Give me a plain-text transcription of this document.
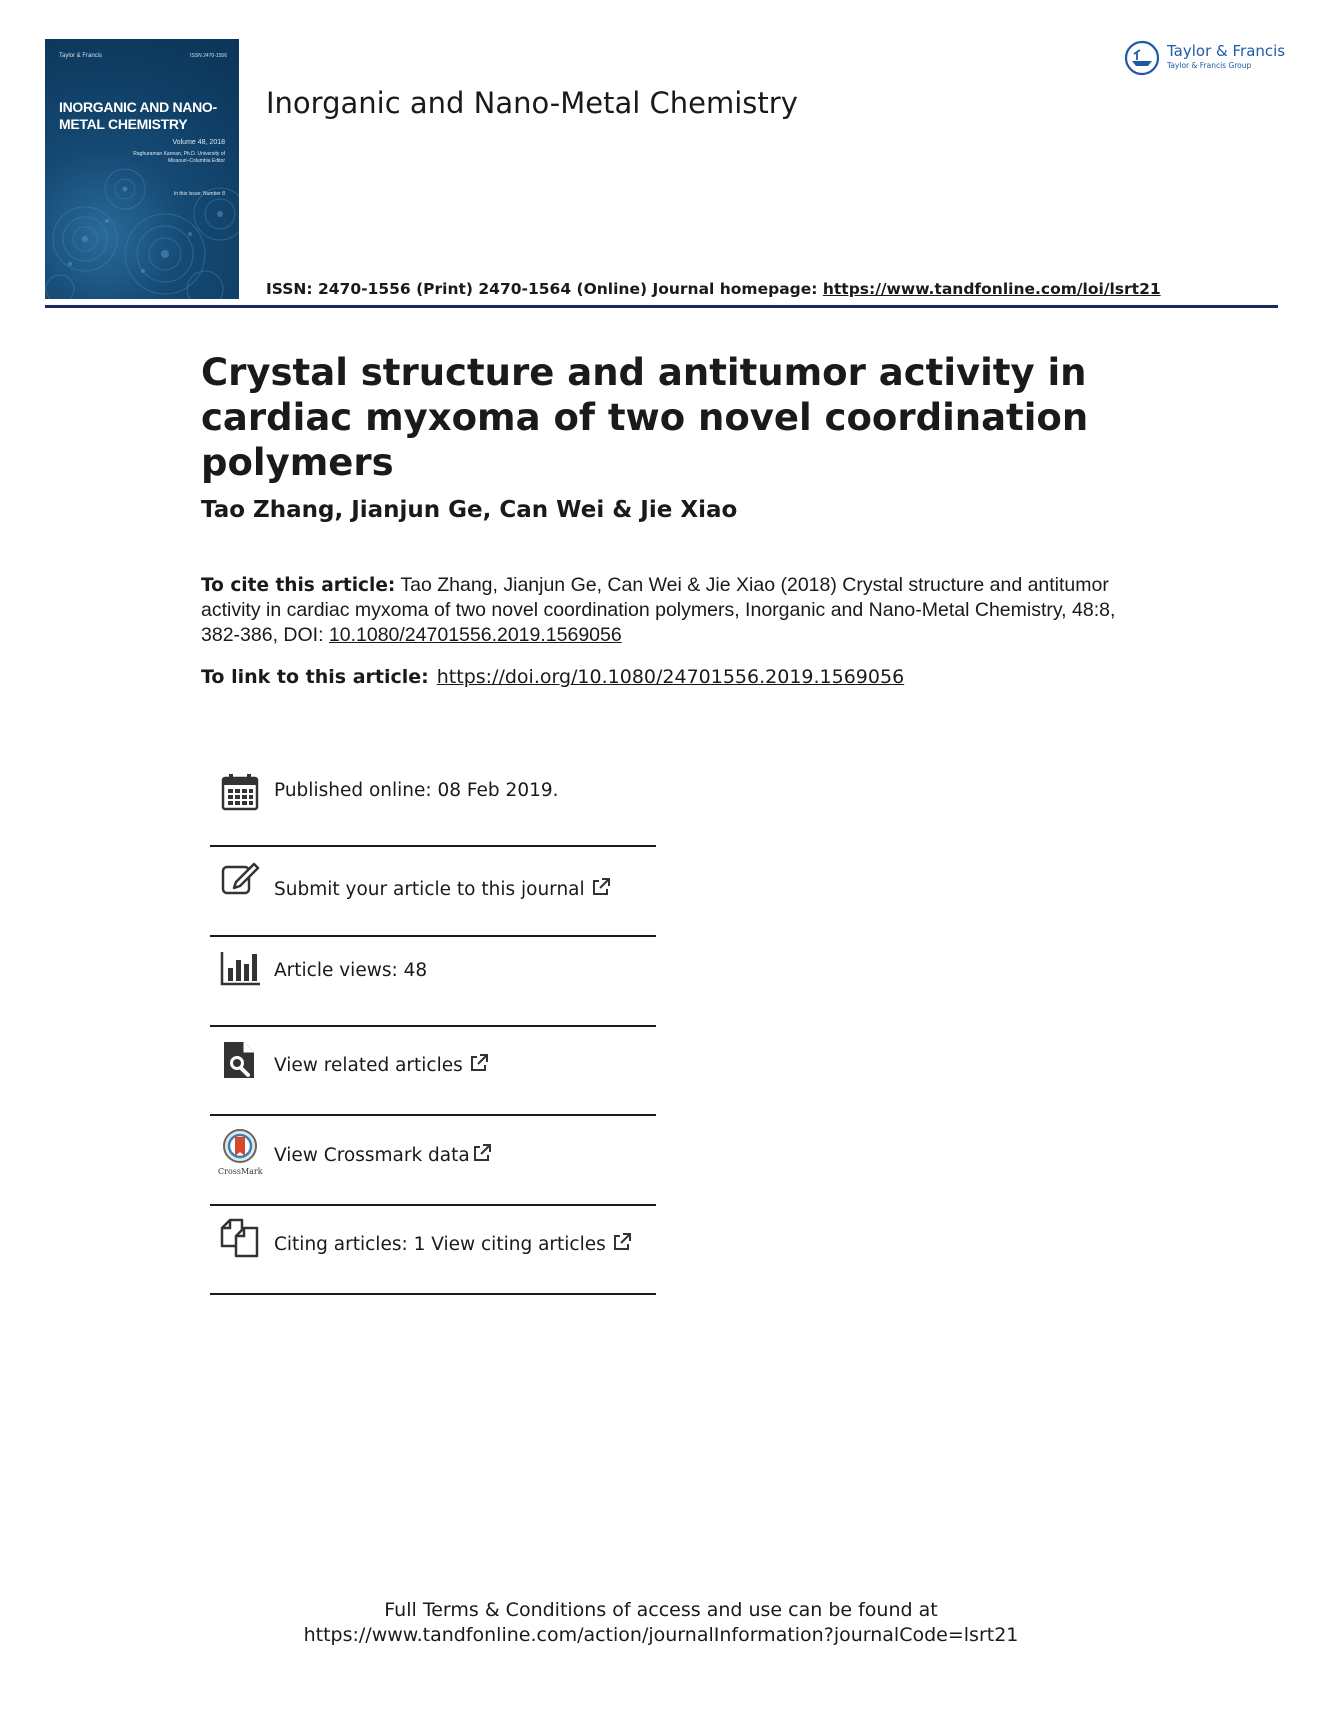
Taylor & Francis	ISSN 2470-1556
INORGANIC AND NANO-METAL CHEMISTRY
Volume 48, 2018
Raghuraman Kannan, Ph.D. University of Missouri–Columbia Editor
In this issue: Number 8
Inorganic and Nano-Metal Chemistry
Taylor & Francis
Taylor & Francis Group
ISSN: 2470-1556 (Print) 2470-1564 (Online) Journal homepage: https://www.tandfonline.com/loi/lsrt21
Crystal structure and antitumor activity in cardiac myxoma of two novel coordination polymers
Tao Zhang, Jianjun Ge, Can Wei & Jie Xiao
To cite this article: Tao Zhang, Jianjun Ge, Can Wei & Jie Xiao (2018) Crystal structure and antitumor activity in cardiac myxoma of two novel coordination polymers, Inorganic and Nano-Metal Chemistry, 48:8, 382-386, DOI: 10.1080/24701556.2019.1569056
To link to this article: https://doi.org/10.1080/24701556.2019.1569056
Published online: 08 Feb 2019.
Submit your article to this journal
Article views: 48
View related articles
CrossMark
View Crossmark data
Citing articles: 1 View citing articles
Full Terms & Conditions of access and use can be found at
https://www.tandfonline.com/action/journalInformation?journalCode=lsrt21
